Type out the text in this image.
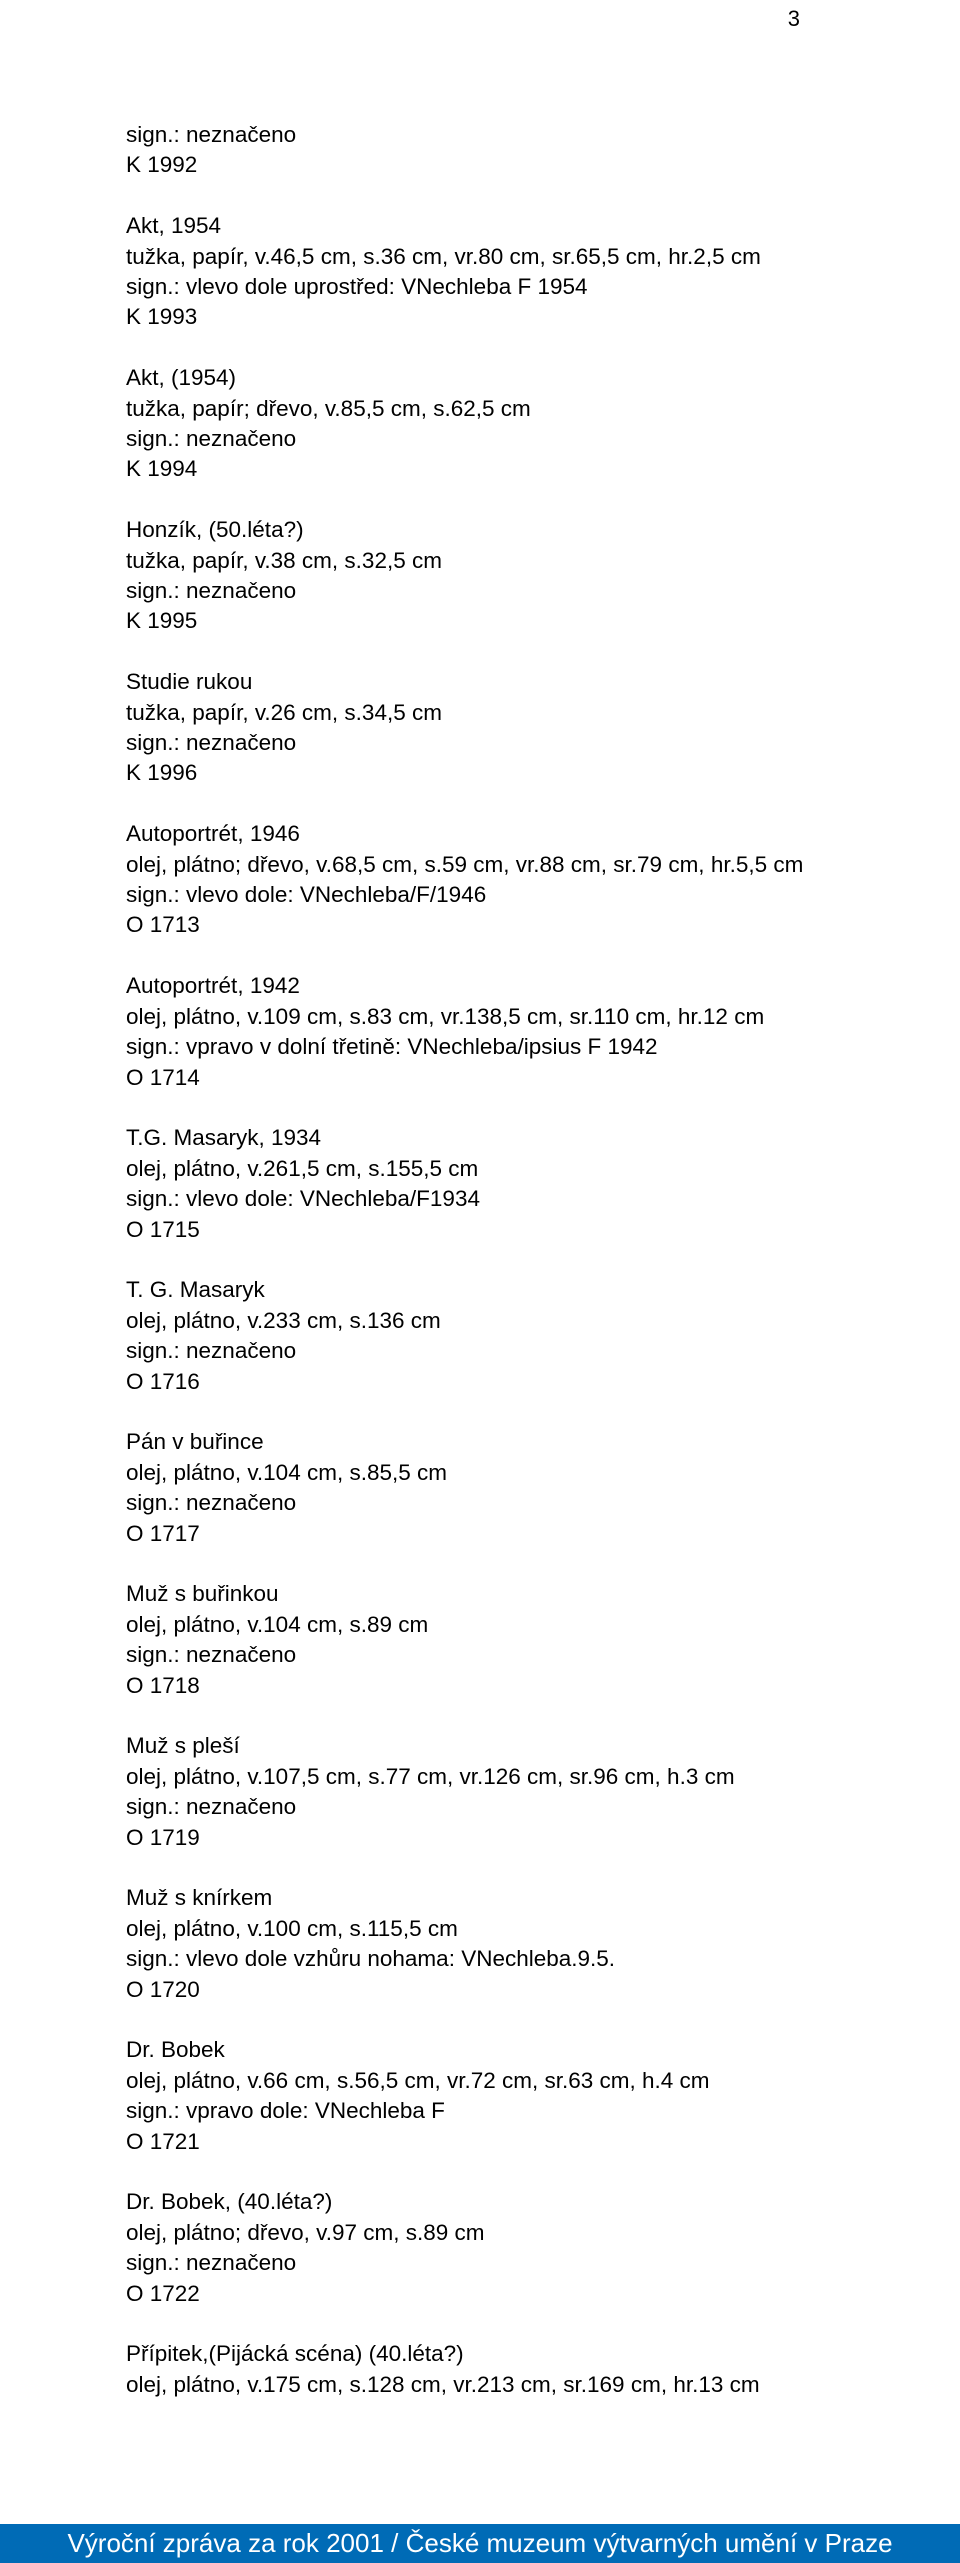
3
sign.: neznačeno
K 1992
Akt, 1954
tužka, papír, v.46,5 cm, s.36 cm, vr.80 cm, sr.65,5 cm, hr.2,5 cm
sign.: vlevo dole uprostřed: VNechleba F 1954
K 1993
Akt, (1954)
tužka, papír; dřevo, v.85,5 cm, s.62,5 cm
sign.: neznačeno
K 1994
Honzík, (50.léta?)
tužka, papír, v.38 cm, s.32,5 cm
sign.: neznačeno
K 1995
Studie rukou
tužka, papír, v.26 cm, s.34,5 cm
sign.: neznačeno
K 1996
Autoportrét, 1946
olej, plátno; dřevo, v.68,5 cm, s.59 cm, vr.88 cm, sr.79 cm, hr.5,5 cm
sign.: vlevo dole: VNechleba/F/1946
O 1713
Autoportrét, 1942
olej, plátno, v.109 cm, s.83 cm, vr.138,5 cm, sr.110 cm, hr.12 cm
sign.: vpravo v dolní třetině: VNechleba/ipsius F 1942
O 1714
T.G. Masaryk, 1934
olej, plátno, v.261,5 cm, s.155,5 cm
sign.: vlevo dole: VNechleba/F1934
O 1715
T. G. Masaryk
olej, plátno, v.233 cm, s.136 cm
sign.: neznačeno
O 1716
Pán v buřince
olej, plátno, v.104 cm, s.85,5 cm
sign.: neznačeno
O 1717
Muž s buřinkou
olej, plátno, v.104 cm, s.89 cm
sign.: neznačeno
O 1718
Muž s pleší
olej, plátno, v.107,5 cm, s.77 cm, vr.126 cm, sr.96 cm, h.3 cm
sign.: neznačeno
O 1719
Muž s knírkem
olej, plátno, v.100 cm, s.115,5 cm
sign.: vlevo dole vzhůru nohama: VNechleba.9.5.
O 1720
Dr. Bobek
olej, plátno, v.66 cm, s.56,5 cm, vr.72 cm, sr.63 cm, h.4 cm
sign.: vpravo dole: VNechleba F
O 1721
Dr. Bobek, (40.léta?)
olej, plátno; dřevo, v.97 cm, s.89 cm
sign.: neznačeno
O 1722
Přípitek,(Pijácká scéna) (40.léta?)
olej, plátno, v.175 cm, s.128 cm, vr.213 cm, sr.169 cm, hr.13 cm
Výroční zpráva za rok 2001 / České muzeum výtvarných umění v Praze
